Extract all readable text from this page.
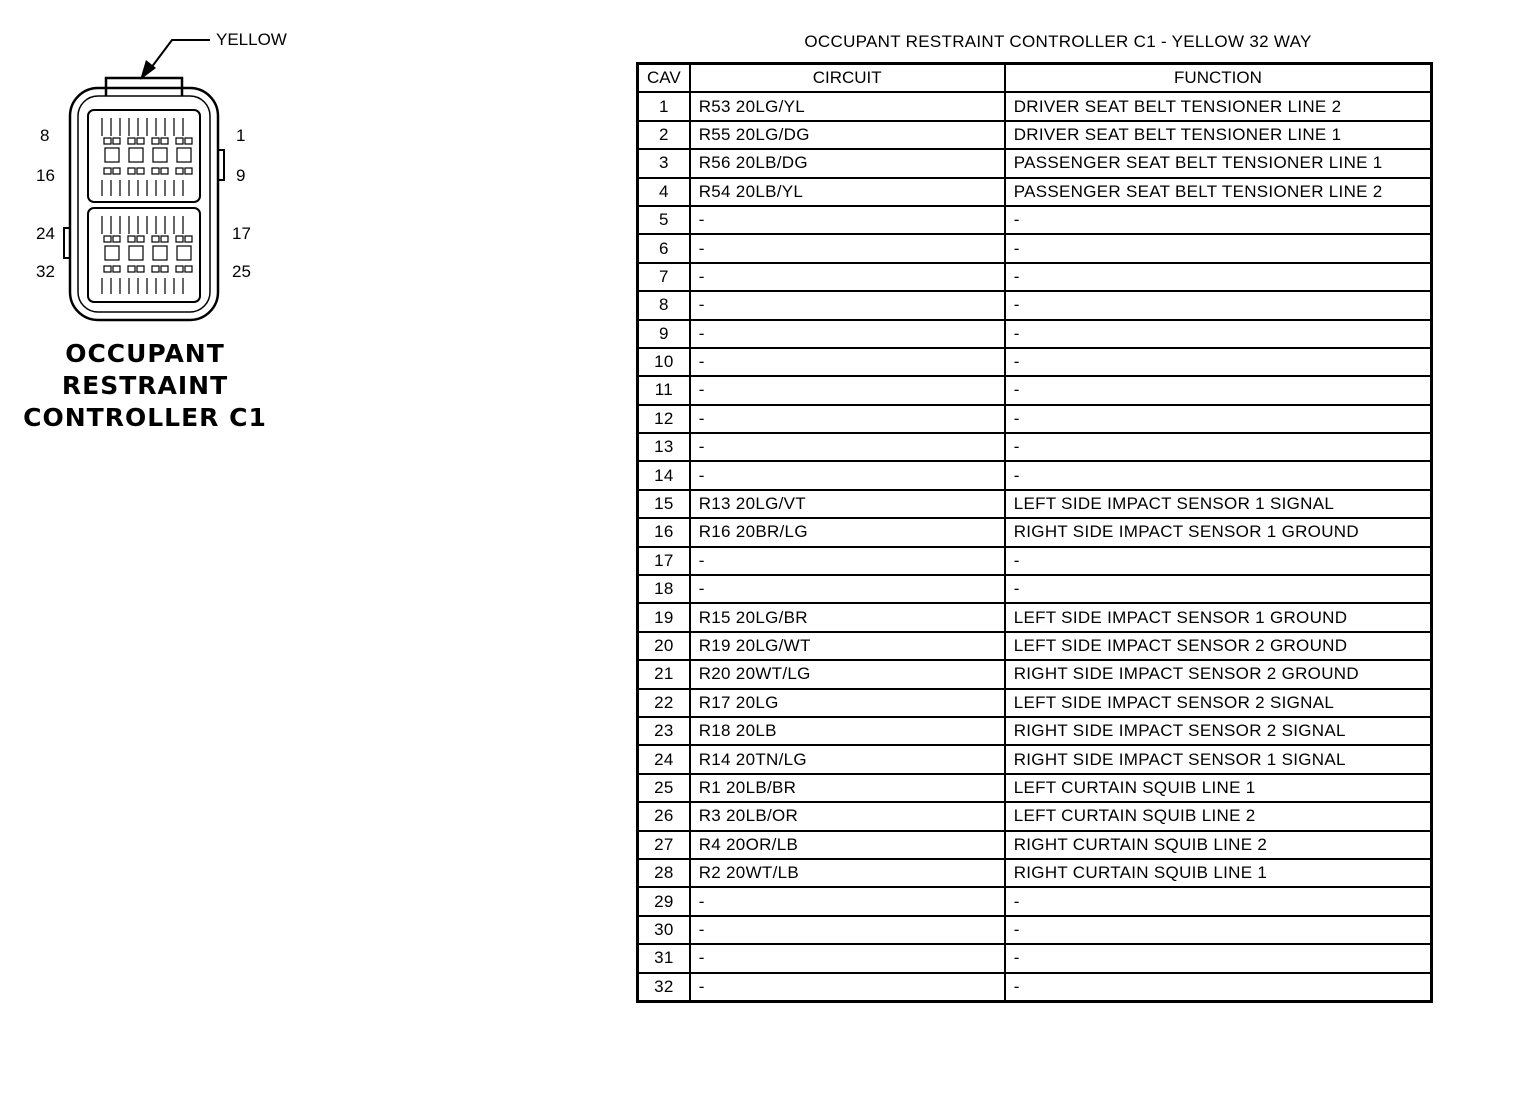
YELLOW
8	1
16	9
24	17
32	25
OCCUPANT
RESTRAINT
CONTROLLER C1
OCCUPANT RESTRAINT CONTROLLER C1 - YELLOW 32 WAY
CAV	CIRCUIT	FUNCTION
1	R53 20LG/YL	DRIVER SEAT BELT TENSIONER LINE 2
2	R55 20LG/DG	DRIVER SEAT BELT TENSIONER LINE 1
3	R56 20LB/DG	PASSENGER SEAT BELT TENSIONER LINE 1
4	R54 20LB/YL	PASSENGER SEAT BELT TENSIONER LINE 2
5	-	-
6	-	-
7	-	-
8	-	-
9	-	-
10	-	-
11	-	-
12	-	-
13	-	-
14	-	-
15	R13 20LG/VT	LEFT SIDE IMPACT SENSOR 1 SIGNAL
16	R16 20BR/LG	RIGHT SIDE IMPACT SENSOR 1 GROUND
17	-	-
18	-	-
19	R15 20LG/BR	LEFT SIDE IMPACT SENSOR 1 GROUND
20	R19 20LG/WT	LEFT SIDE IMPACT SENSOR 2 GROUND
21	R20 20WT/LG	RIGHT SIDE IMPACT SENSOR 2 GROUND
22	R17 20LG	LEFT SIDE IMPACT SENSOR 2 SIGNAL
23	R18 20LB	RIGHT SIDE IMPACT SENSOR 2 SIGNAL
24	R14 20TN/LG	RIGHT SIDE IMPACT SENSOR 1 SIGNAL
25	R1 20LB/BR	LEFT CURTAIN SQUIB LINE 1
26	R3 20LB/OR	LEFT CURTAIN SQUIB LINE 2
27	R4 20OR/LB	RIGHT CURTAIN SQUIB LINE 2
28	R2 20WT/LB	RIGHT CURTAIN SQUIB LINE 1
29	-	-
30	-	-
31	-	-
32	-	-
